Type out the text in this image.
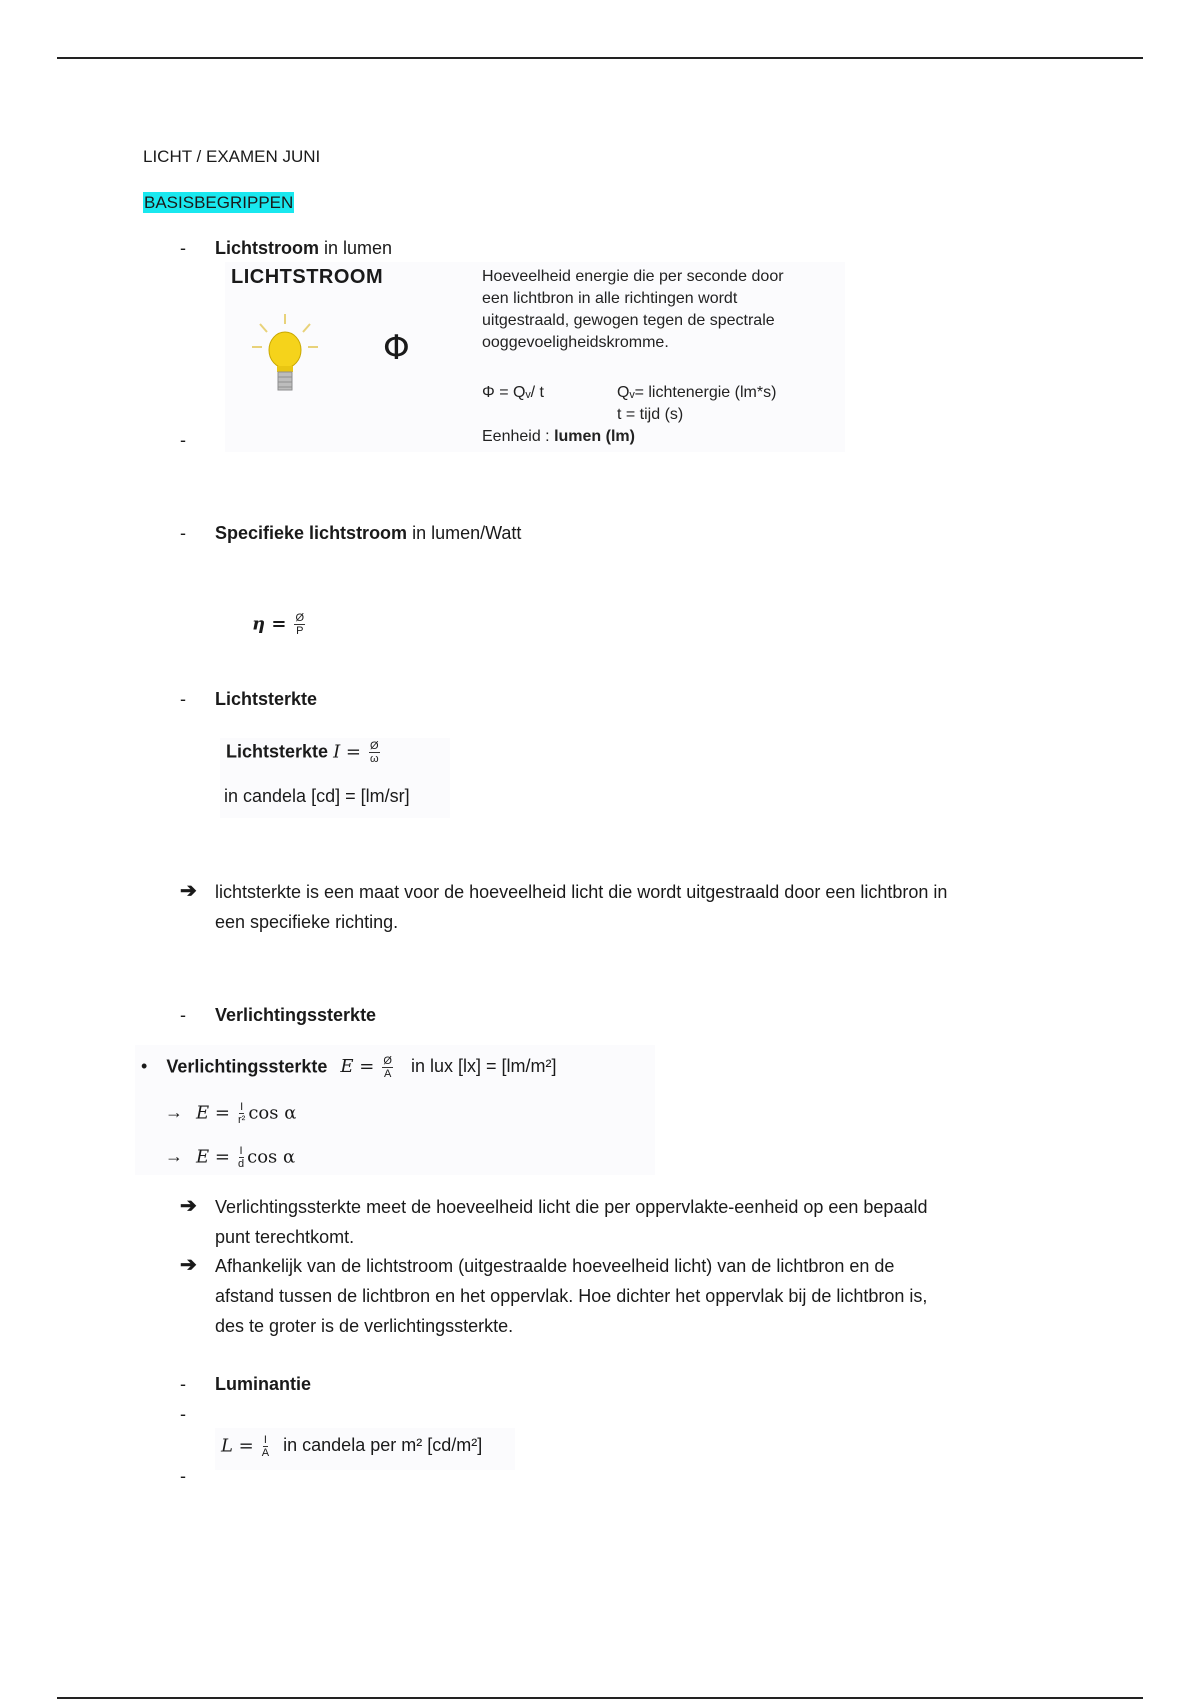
LICHT / EXAMEN JUNI
BASISBEGRIPPEN
- Lichtstroom in lumen
LICHTSTROOM
Φ
Hoeveelheid energie die per seconde door
een lichtbron in alle richtingen wordt
uitgestraald, gewogen tegen de spectrale
ooggevoeligheidskromme.
Φ = Qᵥ/ t	Qᵥ= lichtenergie (lm*s)
t = tijd (s)
Eenheid : lumen (lm)
-
- Specifieke lichtstroom in lumen/Watt
$\eta = \frac{Ø}{P}$
- Lichtsterkte
Lichtsterkte $I = \frac{Ø}{\omega}$
in candela [cd] = [lm/sr]
➔ lichtsterkte is een maat voor de hoeveelheid licht die wordt uitgestraald door een lichtbron in
een specifieke richting.
- Verlichtingssterkte
• Verlichtingssterkte $E = \frac{Ø}{A}$ in lux [lx] = [lm/m²]
→ $E = \frac{I}{\text{r²}}$ cos α
→ $E = \frac{I}{d}$ cos α
➔ Verlichtingssterkte meet de hoeveelheid licht die per oppervlakte-eenheid op een bepaald
punt terechtkomt.
➔ Afhankelijk van de lichtstroom (uitgestraalde hoeveelheid licht) van de lichtbron en de
afstand tussen de lichtbron en het oppervlak. Hoe dichter het oppervlak bij de lichtbron is,
des te groter is de verlichtingssterkte.
- Luminantie
-
$L = \frac{I}{A}$ in candela per m² [cd/m²]
-
